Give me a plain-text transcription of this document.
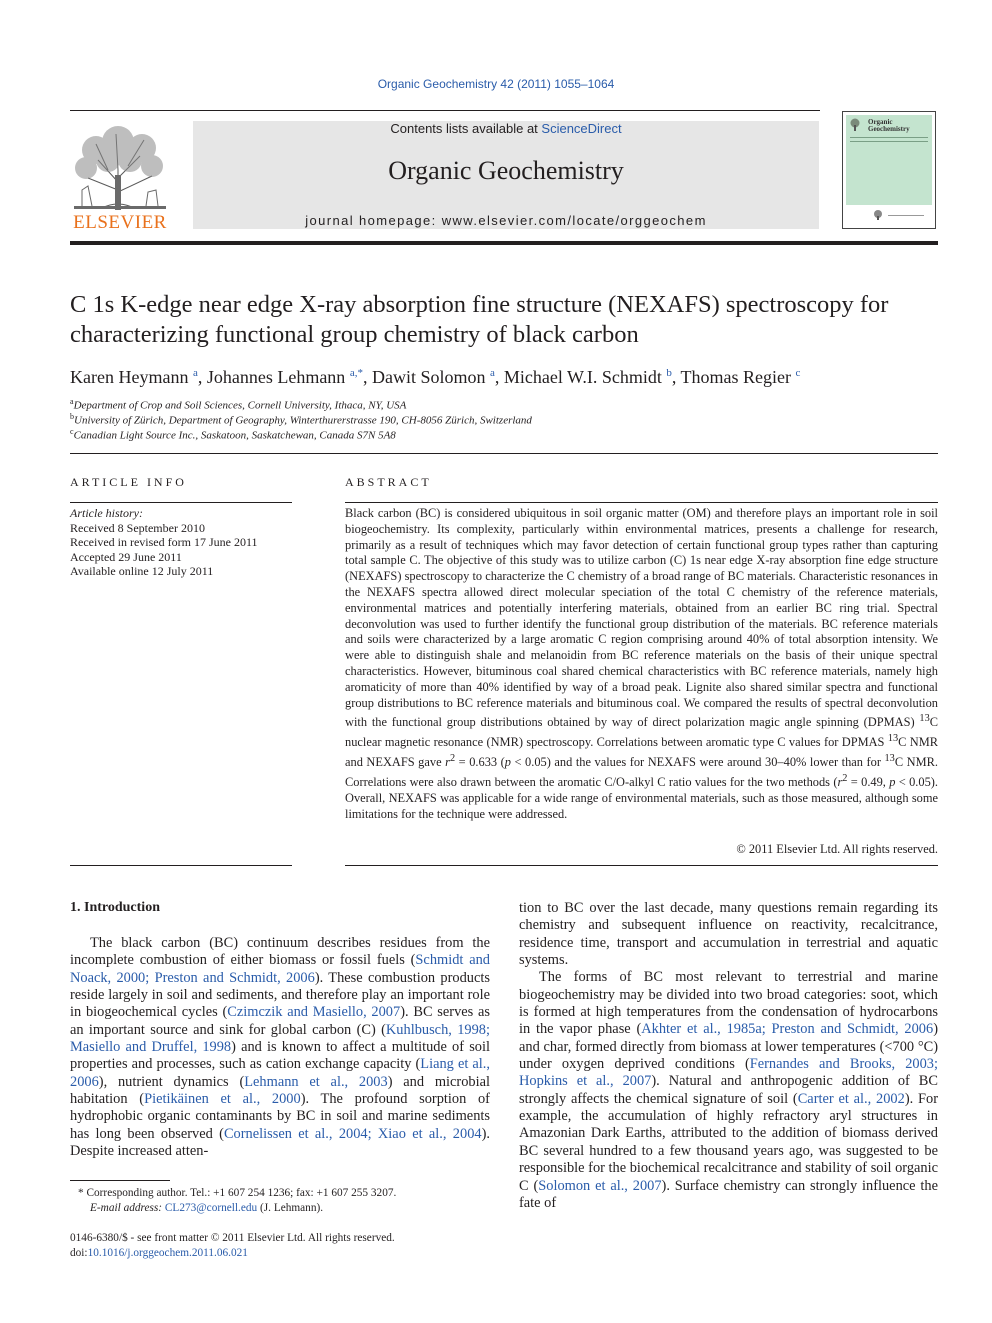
Organic Geochemistry 42 (2011) 1055–1064
ELSEVIER
Contents lists available at ScienceDirect
Organic Geochemistry
journal homepage: www.elsevier.com/locate/orggeochem
Organic
Geochemistry
C 1s K-edge near edge X-ray absorption fine structure (NEXAFS) spectroscopy for
characterizing functional group chemistry of black carbon
Karen Heymann $^a$, Johannes Lehmann $^{a,*}$, Dawit Solomon $^a$, Michael W.I. Schmidt $^b$, Thomas Regier $^c$
$^a$Department of Crop and Soil Sciences, Cornell University, Ithaca, NY, USA
$^b$University of Zürich, Department of Geography, Winterthurerstrasse 190, CH-8056 Zürich, Switzerland
$^c$Canadian Light Source Inc., Saskatoon, Saskatchewan, Canada S7N 5A8
ARTICLE INFO
Article history:
Received 8 September 2010
Received in revised form 17 June 2011
Accepted 29 June 2011
Available online 12 July 2011
ABSTRACT
Black carbon (BC) is considered ubiquitous in soil organic matter (OM) and therefore plays an important role in soil biogeochemistry. Its complexity, particularly within environmental matrices, presents a challenge for research, primarily as a result of techniques which may favor detection of certain functional group types rather than capturing total sample C. The objective of this study was to utilize carbon (C) 1s near edge X-ray absorption fine edge structure (NEXAFS) spectroscopy to characterize the C chemistry of a broad range of BC materials. Characteristic resonances in the NEXAFS spectra allowed direct molecular speciation of the total C chemistry of the reference materials, environmental matrices and potentially interfering materials, obtained from an earlier BC ring trial. Spectral deconvolution was used to further identify the functional group distribution of the materials. BC reference materials and soils were characterized by a large aromatic C region comprising around 40% of total absorption intensity. We were able to distinguish shale and melanoidin from BC reference materials on the basis of their unique spectral characteristics. However, bituminous coal shared chemical characteristics with BC reference materials, namely high aromaticity of more than 40% identified by way of a broad peak. Lignite also shared similar spectra and functional group distributions to BC reference materials and bituminous coal. We compared the results of spectral deconvolution with the functional group distributions obtained by way of direct polarization magic angle spinning (DPMAS) $^{13}$C nuclear magnetic resonance (NMR) spectroscopy. Correlations between aromatic type C values for DPMAS $^{13}$C NMR and NEXAFS gave $r^2 = 0.633$ (p < 0.05) and the values for NEXAFS were around 30–40% lower than for $^{13}$C NMR. Correlations were also drawn between the aromatic C/O-alkyl C ratio values for the two methods ($r^2 = 0.49$, p < 0.05). Overall, NEXAFS was applicable for a wide range of environmental materials, such as those measured, although some limitations for the technique were addressed.
© 2011 Elsevier Ltd. All rights reserved.
1. Introduction

The black carbon (BC) continuum describes residues from the incomplete combustion of either biomass or fossil fuels (Schmidt and Noack, 2000; Preston and Schmidt, 2006). These combustion products reside largely in soil and sediments, and therefore play an important role in biogeochemical cycles (Czimczik and Masiello, 2007). BC serves as an important source and sink for global carbon (C) (Kuhlbusch, 1998; Masiello and Druffel, 1998) and is known to affect a multitude of soil properties and processes, such as cation exchange capacity (Liang et al., 2006), nutrient dynamics (Lehmann et al., 2003) and microbial habitation (Pietikäinen et al., 2000). The profound sorption of hydrophobic organic contaminants by BC in soil and marine sediments has long been observed (Cornelissen et al., 2004; Xiao et al., 2004). Despite increased atten-

tion to BC over the last decade, many questions remain regarding its chemistry and subsequent influence on reactivity, recalcitrance, residence time, transport and accumulation in terrestrial and aquatic systems.

The forms of BC most relevant to terrestrial and marine biogeochemistry may be divided into two broad categories: soot, which is formed at high temperatures from the condensation of hydrocarbons in the vapor phase (Akhter et al., 1985a; Preston and Schmidt, 2006) and char, formed directly from biomass at lower temperatures (<700 °C) under oxygen deprived conditions (Fernandes and Brooks, 2003; Hopkins et al., 2007). Natural and anthropogenic addition of BC strongly affects the chemical signature of soil (Carter et al., 2002). For example, the accumulation of highly refractory aryl structures in Amazonian Dark Earths, attributed to the addition of biomass derived BC several hundred to a few thousand years ago, was suggested to be responsible for the biochemical recalcitrance and stability of soil organic C (Solomon et al., 2007). Surface chemistry can strongly influence the fate of

* Corresponding author. Tel.: +1 607 254 1236; fax: +1 607 255 3207.
E-mail address: CL273@cornell.edu (J. Lehmann).
0146-6380/$ - see front matter © 2011 Elsevier Ltd. All rights reserved.
doi:10.1016/j.orggeochem.2011.06.021
